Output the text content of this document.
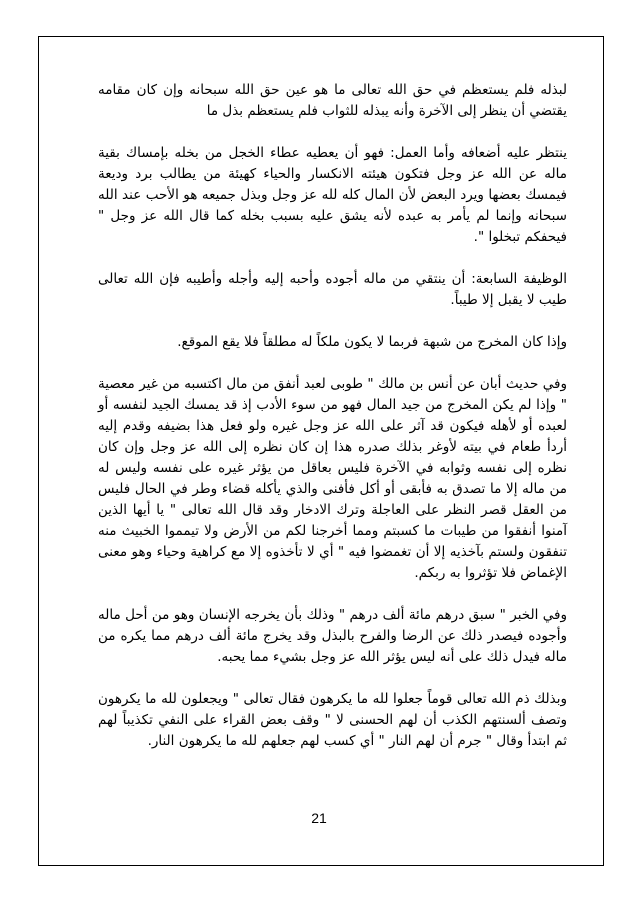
لبذله فلم يستعظم في حق الله تعالى ما هو عين حق الله سبحانه وإن كان مقامه يقتضي أن ينظر إلى الآخرة وأنه يبذله للثواب فلم يستعظم بذل ما

ينتظر عليه أضعافه وأما العمل: فهو أن يعطيه عطاء الخجل من بخله بإمساك بقية ماله عن الله عز وجل فتكون هيئته الانكسار والحياء كهيئة من يطالب برد وديعة فيمسك بعضها ويرد البعض لأن المال كله لله عز وجل وبذل جميعه هو الأحب عند الله سبحانه وإنما لم يأمر به عبده لأنه يشق عليه بسبب بخله كما قال الله عز وجل " فيحفكم تبخلوا ".

الوظيفة السابعة: أن ينتقي من ماله أجوده وأحبه إليه وأجله وأطيبه فإن الله تعالى طيب لا يقبل إلا طيباً.

وإذا كان المخرج من شبهة فربما لا يكون ملكاً له مطلقاً فلا يقع الموقع.

وفي حديث أبان عن أنس بن مالك " طوبى لعبد أنفق من مال اكتسبه من غير معصية " وإذا لم يكن المخرج من جيد المال فهو من سوء الأدب إذ قد يمسك الجيد لنفسه أو لعبده أو لأهله فيكون قد آثر على الله عز وجل غيره ولو فعل هذا بضيفه وقدم إليه أردأ طعام في بيته لأوغر بذلك صدره هذا إن كان نظره إلى الله عز وجل وإن كان نظره إلى نفسه وثوابه في الآخرة فليس بعاقل من يؤثر غيره على نفسه وليس له من ماله إلا ما تصدق به فأبقى أو أكل فأفنى والذي يأكله قضاء وطر في الحال فليس من العقل قصر النظر على العاجلة وترك الادخار وقد قال الله تعالى " يا أيها الذين آمنوا أنفقوا من طيبات ما كسبتم ومما أخرجنا لكم من الأرض ولا تيمموا الخبيث منه تنفقون ولستم بآخذيه إلا أن تغمضوا فيه " أي لا تأخذوه إلا مع كراهية وحياء وهو معنى الإغماض فلا تؤثروا به ربكم.

وفي الخبر " سبق درهم مائة ألف درهم " وذلك بأن يخرجه الإنسان وهو من أحل ماله وأجوده فيصدر ذلك عن الرضا والفرح بالبذل وقد يخرج مائة ألف درهم مما يكره من ماله فيدل ذلك على أنه ليس يؤثر الله عز وجل بشيء مما يحبه.

وبذلك ذم الله تعالى قوماً جعلوا لله ما يكرهون فقال تعالى " ويجعلون لله ما يكرهون وتصف ألسنتهم الكذب أن لهم الحسنى لا " وقف بعض القراء على النفي تكذيباً لهم ثم ابتدأ وقال " جرم أن لهم النار " أي كسب لهم جعلهم لله ما يكرهون النار.

21
